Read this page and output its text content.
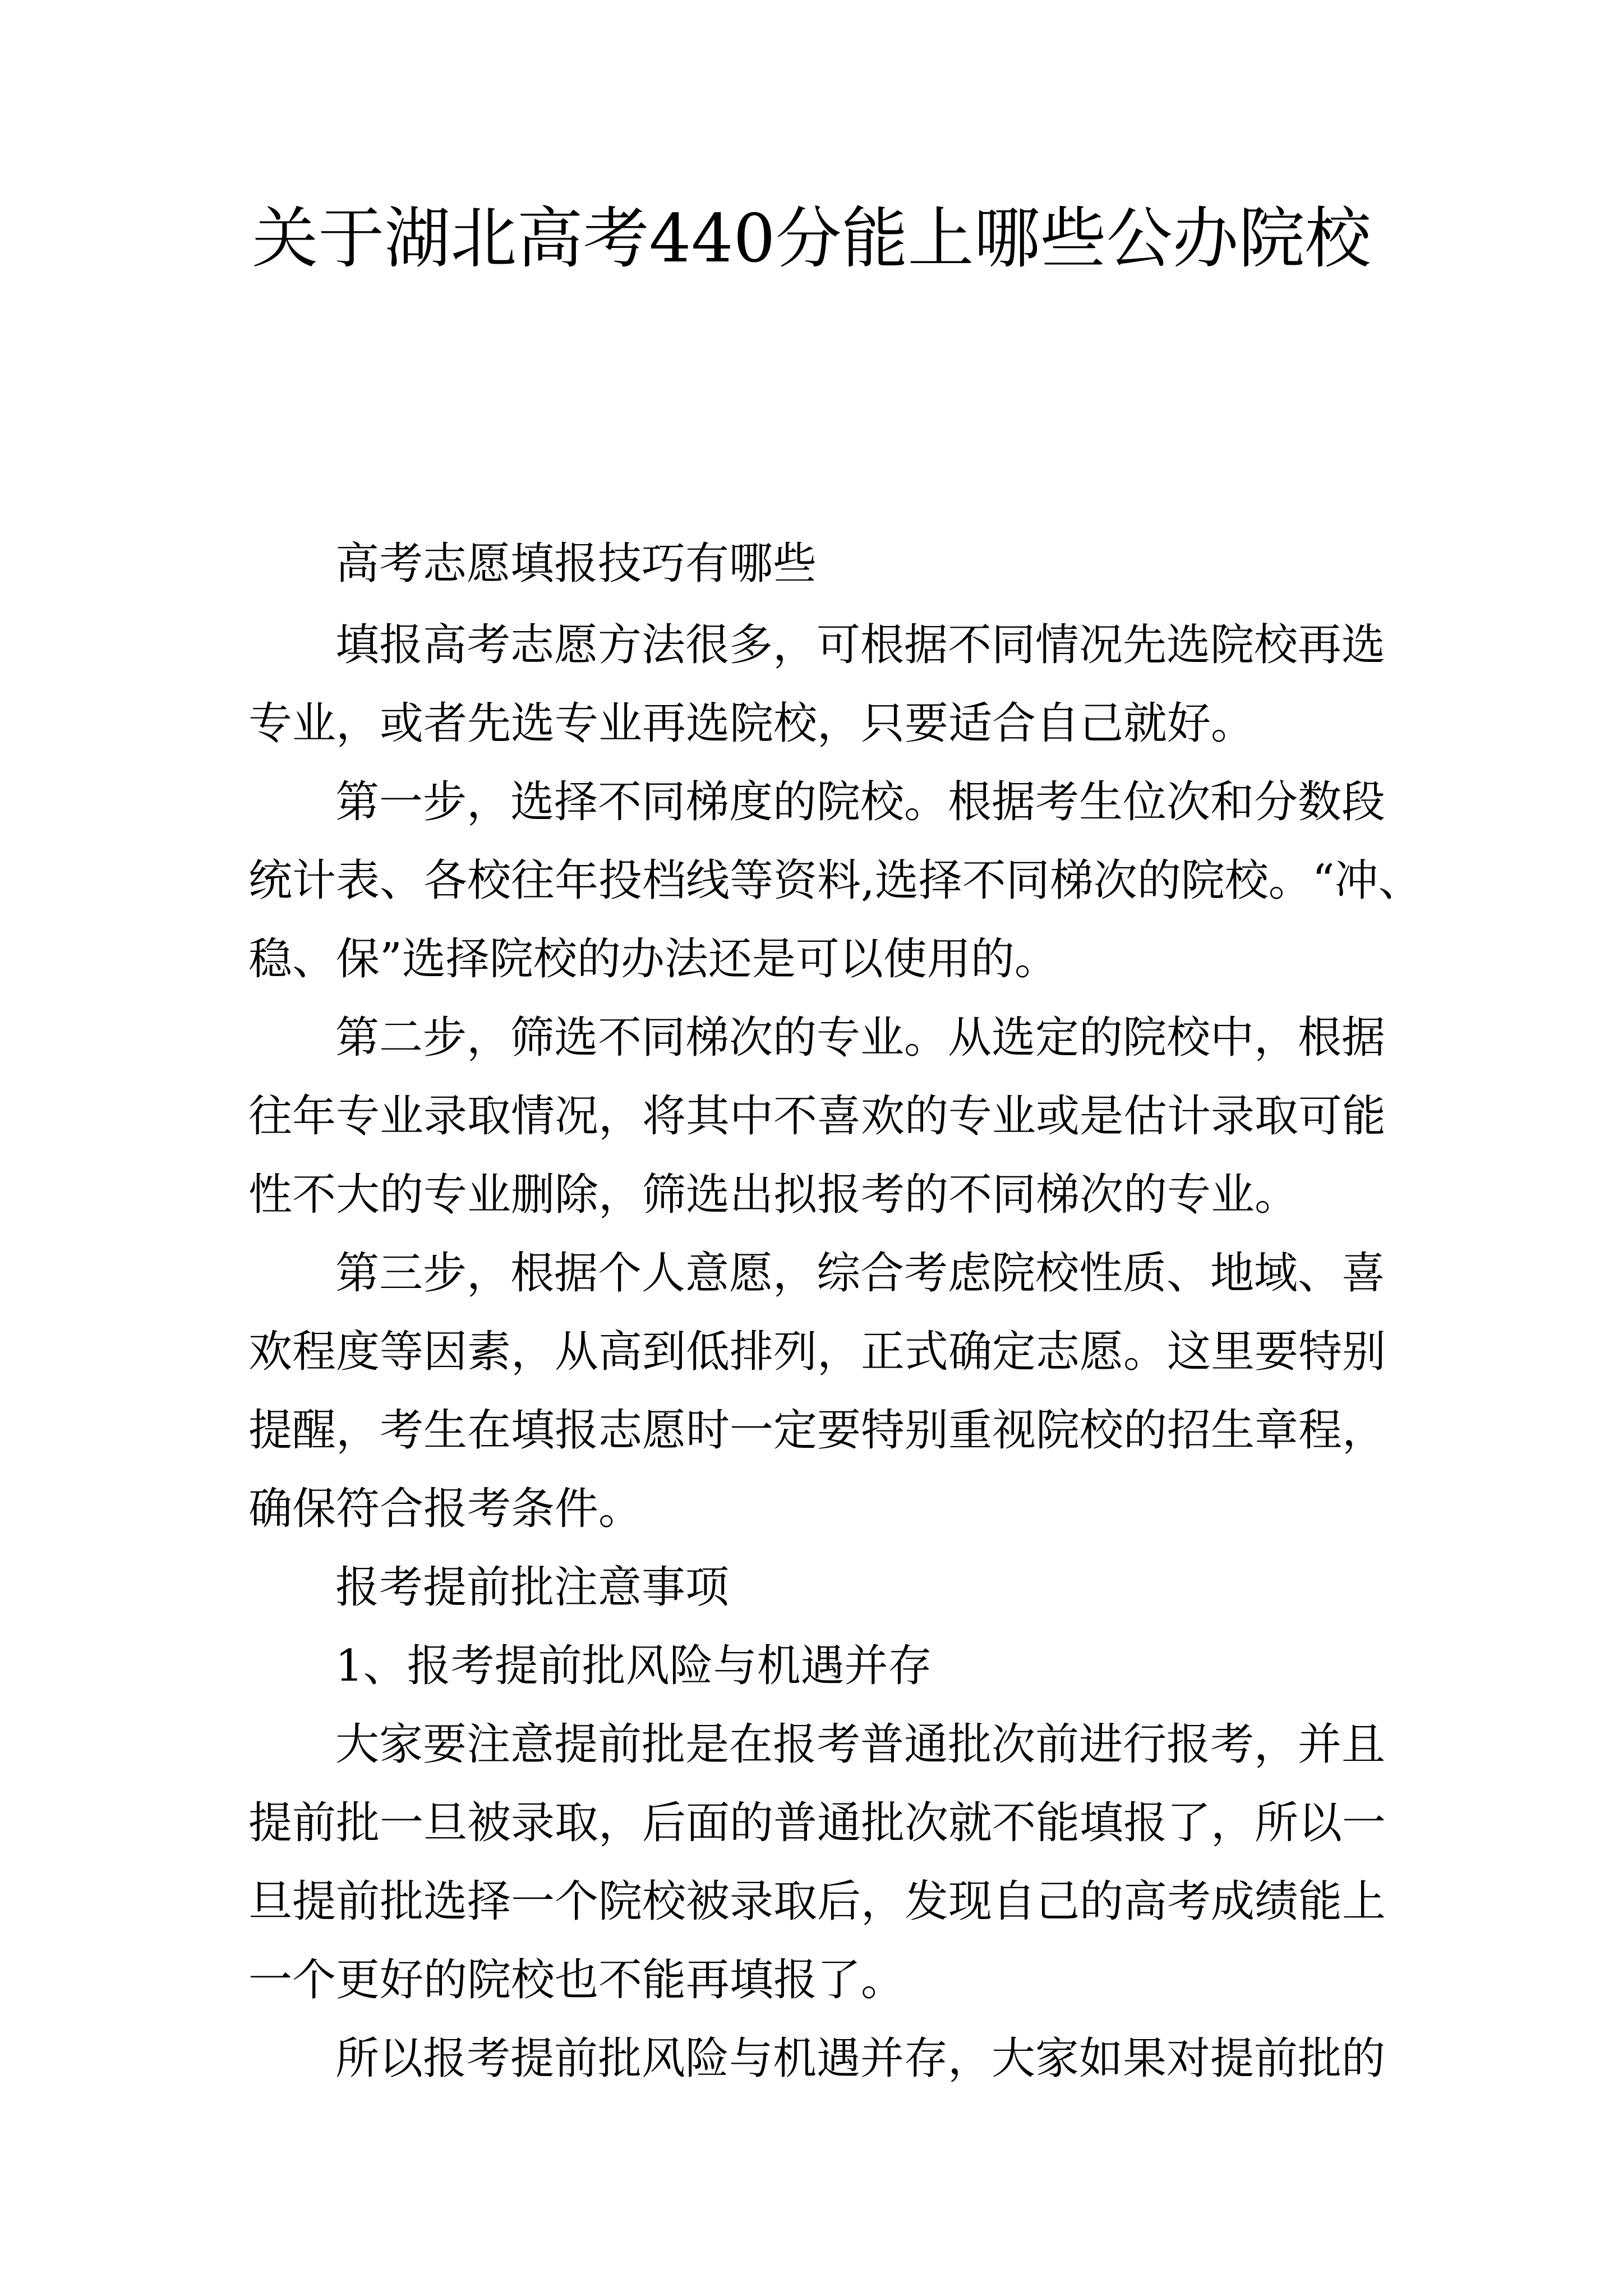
关于湖北高考440分能上哪些公办院校

高考志愿填报技巧有哪些

填报高考志愿方法很多，可根据不同情况先选院校再选

专业，或者先选专业再选院校，只要适合自己就好。

第一步，选择不同梯度的院校。根据考生位次和分数段

统计表、各校往年投档线等资料,选择不同梯次的院校。“冲、

稳、保”选择院校的办法还是可以使用的。

第二步，筛选不同梯次的专业。从选定的院校中，根据

往年专业录取情况，将其中不喜欢的专业或是估计录取可能

性不大的专业删除，筛选出拟报考的不同梯次的专业。

第三步，根据个人意愿，综合考虑院校性质、地域、喜

欢程度等因素，从高到低排列，正式确定志愿。这里要特别

提醒，考生在填报志愿时一定要特别重视院校的招生章程，

确保符合报考条件。

报考提前批注意事项

1、报考提前批风险与机遇并存

大家要注意提前批是在报考普通批次前进行报考，并且

提前批一旦被录取，后面的普通批次就不能填报了，所以一

旦提前批选择一个院校被录取后，发现自己的高考成绩能上

一个更好的院校也不能再填报了。

所以报考提前批风险与机遇并存，大家如果对提前批的
